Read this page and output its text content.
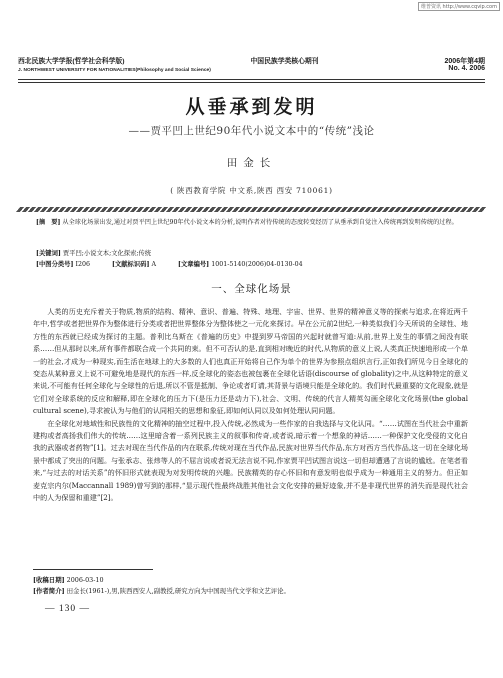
维普资讯 http://www.cqvip.com
西北民族大学学报(哲学社会科学版)	中国民族学类核心期刊	2006年第4期
J. NORTHWEST UNIVERSITY FOR NATIONALITIES(Philosophy and Social Science)	No. 4. 2006
从垂承到发明
——贾平凹上世纪90年代小说文本中的“传统”浅论
田金长
( 陕西教育学院 中文系,陕西 西安 710061)
[摘　要] 从全球化场景出发,通过对贾平凹上世纪90年代小说文本的分析,说明作者对待传统的态度转变经历了从垂承到自觉注入传统再到发明传统的过程。
[关键词] 贾平凹;小说文本;文化探索;传统
[中图分类号] I206	[文献标识码] A	[文章编号] 1001-5140(2006)04-0130-04
一、全球化场景

人类的历史充斥着关于物质,物质的结构、精神、意识、普遍、特殊、地理、宇宙、世界、世界的精神意义等的探索与追求,在将近两千年中,哲学或者把世界作为整体进行分类或者把世界整体分为整体使之一元化来探讨。早在公元前2世纪,一种类似我们今天所说的全球性、地方性的东西就已经成为探讨的主题。普利比乌斯在《普遍的历史》中提到罗马帝国的兴起时就曾写道:从前,世界上发生的事情之间没有联系……但从那时以来,所有事件都联合成一个共同的束。但不可否认的是,直到相对晚近的时代,从物质的意义上说,人类真正快速地形成一个单一的社会,才成为一种现实,而生活在地球上的大多数的人们也真正开始将自己作为单个的世界为参照点组织言行,正如我们所见今日全球化的变态从某种意义上说不可避免地是现代的东西一样,反全球化的姿态也被包裹在全球化话语(discourse of globality)之中,从这种特定的意义来说,不可能有任何全球化与全球性的后退,所以不管是抵制、争论或者叮请,其背景与语境只能是全球化的。我们时代最重要的文化现象,就是它们对全球系统的反应和解释,即在全球化的压力下(是压力还是动力下),社会、文明、传统的代言人精英勾画全球化文化场景(the global cultural scene),寻求被认为与他们的认同相关的思想和象征,即如何认同以及如何处理认同问题。

在全球化对地域性和民族性的文化精神的抽空过程中,投入传统,必然成为一些作家的自我选择与文化认同。“……试图在当代社会中重新建构或者高扬我们伟大的传统……这里暗含着一系列民族主义的叙事和传奇,或者说,暗示着一个想象的神话……一种保护文化受侵的文化自我的武器或者药物”[1]。过去对现在当代作品的内在联系,传统对现在当代作品,民族对世界当代作品,东方对西方当代作品,这一切在全球化场景中都成了突出的问题。与张承志、张炜等人的不屈言说或者说无法言说不同,作家贾平凹试图言说这一切但却遭遇了言说的尴尬。在笔者看来,“与过去的对话关系”的怀旧形式就表现为对发明传统的兴趣。民族精英的存心怀旧和有意发明也似乎成为一种通用主义的努力。但正如麦克宗内尔(Maccannall 1989)曾写到的那样,“显示现代性最终战胜其他社会文化安排的最好迹象,并不是非现代世界的消失而是现代社会中的人为保留和重建”[2]。

[收稿日期] 2006-03-10
[作者简介] 田金长(1961-),男,陕西西安人,副教授,研究方向为中国现当代文学和文艺评论。
— 130 —
